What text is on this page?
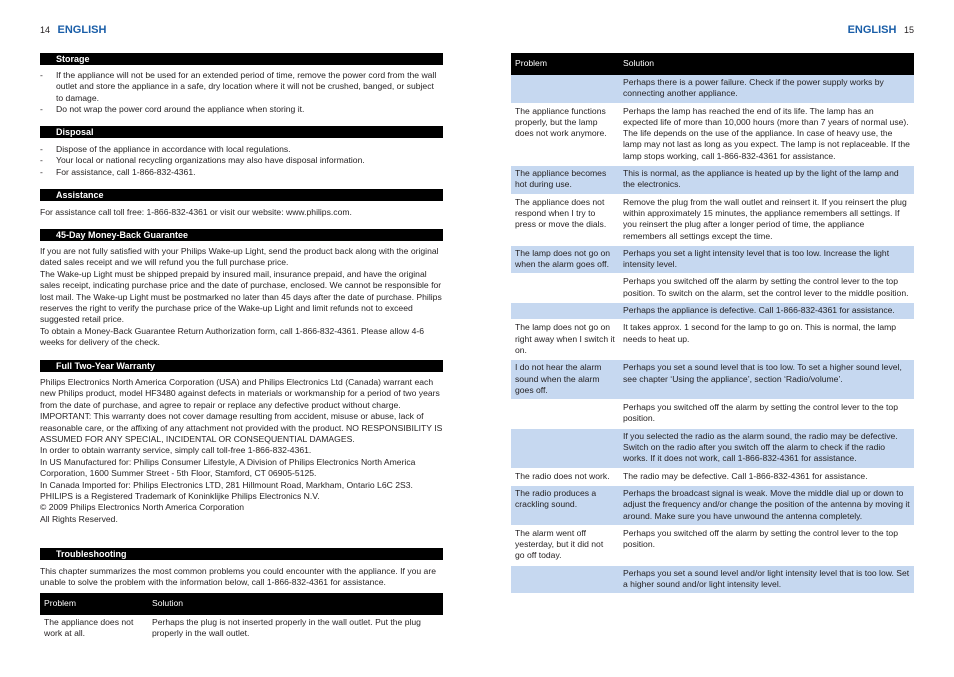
14 ENGLISH
Storage

- If the appliance will not be used for an extended period of time, remove the power cord from the wall outlet and store the appliance in a safe, dry location where it will not be crushed, banged, or subject to damage.

- Do not wrap the power cord around the appliance when storing it.

Disposal

- Dispose of the appliance in accordance with local regulations.

- Your local or national recycling organizations may also have disposal information.

- For assistance, call 1-866-832-4361.

Assistance

For assistance call toll free: 1-866-832-4361 or visit our website: www.philips.com.

45-Day Money-Back Guarantee

If you are not fully satisfied with your Philips Wake-up Light, send the product back along with the original dated sales receipt and we will refund you the full purchase price.

The Wake-up Light must be shipped prepaid by insured mail, insurance prepaid, and have the original sales receipt, indicating purchase price and the date of purchase, enclosed. We cannot be responsible for lost mail. The Wake-up Light must be postmarked no later than 45 days after the date of purchase. Philips reserves the right to verify the purchase price of the Wake-up Light and limit refunds not to exceed suggested retail price.

To obtain a Money-Back Guarantee Return Authorization form, call 1-866-832-4361. Please allow 4-6 weeks for delivery of the check.

Full Two-Year Warranty

Philips Electronics North America Corporation (USA) and Philips Electronics Ltd (Canada) warrant each new Philips product, model HF3480 against defects in materials or workmanship for a period of two years from the date of purchase, and agree to repair or replace any defective product without charge. IMPORTANT: This warranty does not cover damage resulting from accident, misuse or abuse, lack of reasonable care, or the affixing of any attachment not provided with the product. NO RESPONSIBILITY IS ASSUMED FOR ANY SPECIAL, INCIDENTAL OR CONSEQUENTIAL DAMAGES.

In order to obtain warranty service, simply call toll-free 1-866-832-4361.

In US Manufactured for: Philips Consumer Lifestyle, A Division of Philips Electronics North America Corporation, 1600 Summer Street - 5th Floor, Stamford, CT 06905-5125.

In Canada Imported for: Philips Electronics LTD, 281 Hillmount Road, Markham, Ontario L6C 2S3.

PHILIPS is a Registered Trademark of Koninklijke Philips Electronics N.V.

© 2009 Philips Electronics North America Corporation

All Rights Reserved.

Troubleshooting

This chapter summarizes the most common problems you could encounter with the appliance. If you are unable to solve the problem with the information below, call 1-866-832-4361 for assistance.

Problem	Solution
The appliance does not work at all.	Perhaps the plug is not inserted properly in the wall outlet. Put the plug properly in the wall outlet.
ENGLISH 15
Problem	Solution
	Perhaps there is a power failure. Check if the power supply works by connecting another appliance.
The appliance functions properly, but the lamp does not work anymore.	Perhaps the lamp has reached the end of its life. The lamp has an expected life of more than 10,000 hours (more than 7 years of normal use). The life depends on the use of the appliance. In case of heavy use, the lamp may not last as long as you expect. The lamp is not replaceable. If the lamp stops working, call 1-866-832-4361 for assistance.
The appliance becomes hot during use.	This is normal, as the appliance is heated up by the light of the lamp and the electronics.
The appliance does not respond when I try to press or move the dials.	Remove the plug from the wall outlet and reinsert it. If you reinsert the plug within approximately 15 minutes, the appliance remembers all settings. If you reinsert the plug after a longer period of time, the appliance remembers all settings except the time.
The lamp does not go on when the alarm goes off.	Perhaps you set a light intensity level that is too low. Increase the light intensity level.
	Perhaps you switched off the alarm by setting the control lever to the top position. To switch on the alarm, set the control lever to the middle position.
	Perhaps the appliance is defective. Call 1-866-832-4361 for assistance.
The lamp does not go on right away when I switch it on.	It takes approx. 1 second for the lamp to go on. This is normal, the lamp needs to heat up.
I do not hear the alarm sound when the alarm goes off.	Perhaps you set a sound level that is too low. To set a higher sound level, see chapter ‘Using the appliance’, section ‘Radio/volume’.
	Perhaps you switched off the alarm by setting the control lever to the top position.
	If you selected the radio as the alarm sound, the radio may be defective. Switch on the radio after you switch off the alarm to check if the radio works. If it does not work, call 1-866-832-4361 for assistance.
The radio does not work.	The radio may be defective. Call 1-866-832-4361 for assistance.
The radio produces a crackling sound.	Perhaps the broadcast signal is weak. Move the middle dial up or down to adjust the frequency and/or change the position of the antenna by moving it around. Make sure you have unwound the antenna completely.
The alarm went off yesterday, but it did not go off today.	Perhaps you switched off the alarm by setting the control lever to the top position.
	Perhaps you set a sound level and/or light intensity level that is too low. Set a higher sound and/or light intensity level.
